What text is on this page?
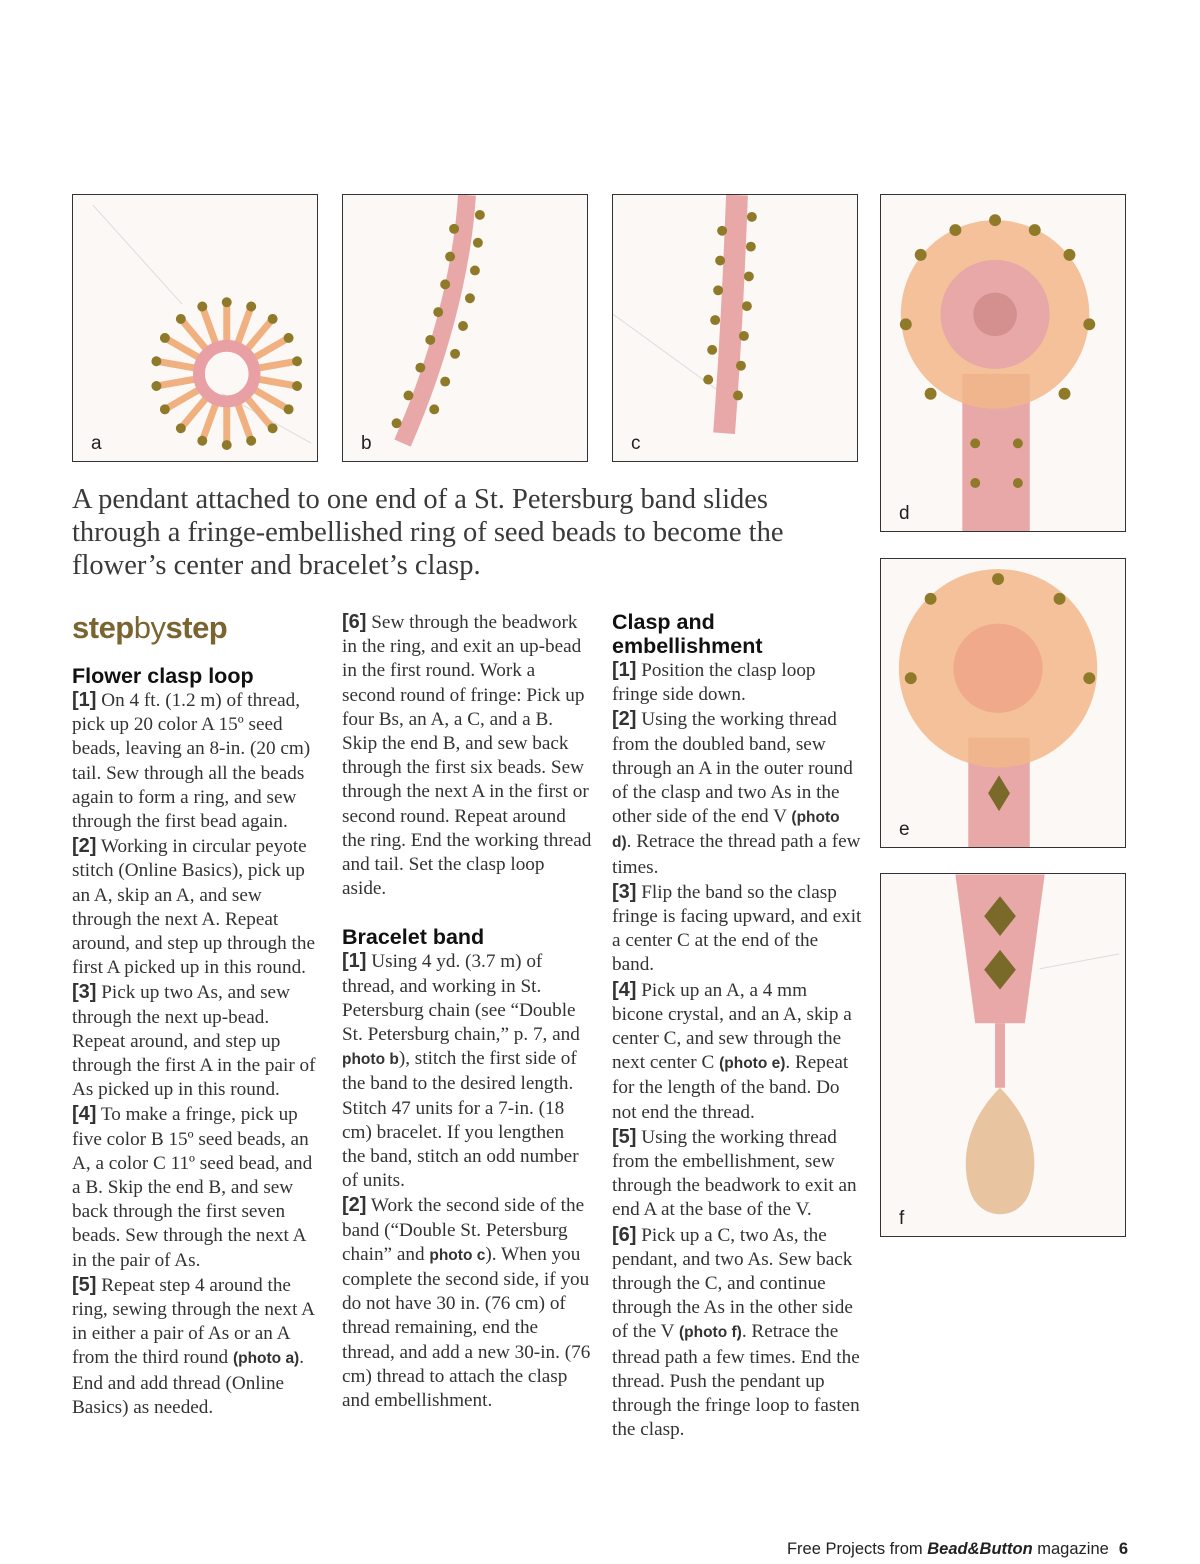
a	b	c
d
e
f

A pendant attached to one end of a St. Petersburg band slides through a fringe-embellished ring of seed beads to become the flower’s center and bracelet’s clasp.

stepbystep
Flower clasp loop

[1] On 4 ft. (1.2 m) of thread, pick up 20 color A 15º seed beads, leaving an 8-in. (20 cm) tail. Sew through all the beads again to form a ring, and sew through the first bead again.

[2] Working in circular peyote stitch (Online Basics), pick up an A, skip an A, and sew through the next A. Repeat around, and step up through the first A picked up in this round.

[3] Pick up two As, and sew through the next up-bead. Repeat around, and step up through the first A in the pair of As picked up in this round.

[4] To make a fringe, pick up five color B 15º seed beads, an A, a color C 11º seed bead, and a B. Skip the end B, and sew back through the first seven beads. Sew through the next A in the pair of As.

[5] Repeat step 4 around the ring, sewing through the next A in either a pair of As or an A from the third round (photo a). End and add thread (Online Basics) as needed.

[6] Sew through the beadwork in the ring, and exit an up-bead in the first round. Work a second round of fringe: Pick up four Bs, an A, a C, and a B. Skip the end B, and sew back through the first six beads. Sew through the next A in the first or second round. Repeat around the ring. End the working thread and tail. Set the clasp loop aside.

Bracelet band

[1] Using 4 yd. (3.7 m) of thread, and working in St. Petersburg chain (see “Double St. Petersburg chain,” p. 7, and photo b), stitch the first side of the band to the desired length. Stitch 47 units for a 7-in. (18 cm) bracelet. If you lengthen the band, stitch an odd number of units.

[2] Work the second side of the band (“Double St. Petersburg chain” and photo c). When you complete the second side, if you do not have 30 in. (76 cm) of thread remaining, end the thread, and add a new 30-in. (76 cm) thread to attach the clasp and embellishment.

Clasp and embellishment

[1] Position the clasp loop fringe side down.

[2] Using the working thread from the doubled band, sew through an A in the outer round of the clasp and two As in the other side of the end V (photo d). Retrace the thread path a few times.

[3] Flip the band so the clasp fringe is facing upward, and exit a center C at the end of the band.

[4] Pick up an A, a 4 mm bicone crystal, and an A, skip a center C, and sew through the next center C (photo e). Repeat for the length of the band. Do not end the thread.

[5] Using the working thread from the embellishment, sew through the beadwork to exit an end A at the base of the V.

[6] Pick up a C, two As, the pendant, and two As. Sew back through the C, and continue through the As in the other side of the V (photo f). Retrace the thread path a few times. End the thread. Push the pendant up through the fringe loop to fasten the clasp.

Free Projects from Bead&Button magazine 6
